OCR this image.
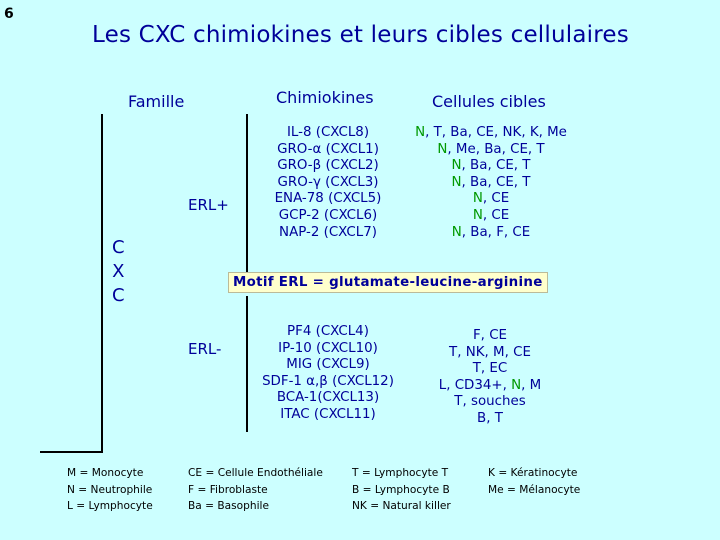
6
Les CXC chimiokines et leurs cibles cellulaires
Famille	Chimiokines	Cellules cibles
C
X
C
ERL+
IL-8 (CXCL8)
GRO-α (CXCL1)
GRO-β (CXCL2)
GRO-γ (CXCL3)
ENA-78 (CXCL5)
GCP-2 (CXCL6)
NAP-2 (CXCL7)
N, T, Ba, CE, NK, K, Me
N, Me, Ba, CE, T
N, Ba, CE, T
N, Ba, CE, T
N, CE
N, CE
N, Ba, F, CE
Motif ERL = glutamate-leucine-arginine
ERL-
PF4 (CXCL4)
IP-10 (CXCL10)
MIG (CXCL9)
SDF-1 α,β (CXCL12)
BCA-1(CXCL13)
ITAC (CXCL11)
F, CE
T, NK, M, CE
T, EC
L, CD34+, N, M
T, souches
B, T
M = Monocyte
N = Neutrophile
L = Lymphocyte
CE = Cellule Endothéliale
F = Fibroblaste
Ba = Basophile
T = Lymphocyte T
B = Lymphocyte B
NK = Natural killer
K = Kératinocyte
Me = Mélanocyte
